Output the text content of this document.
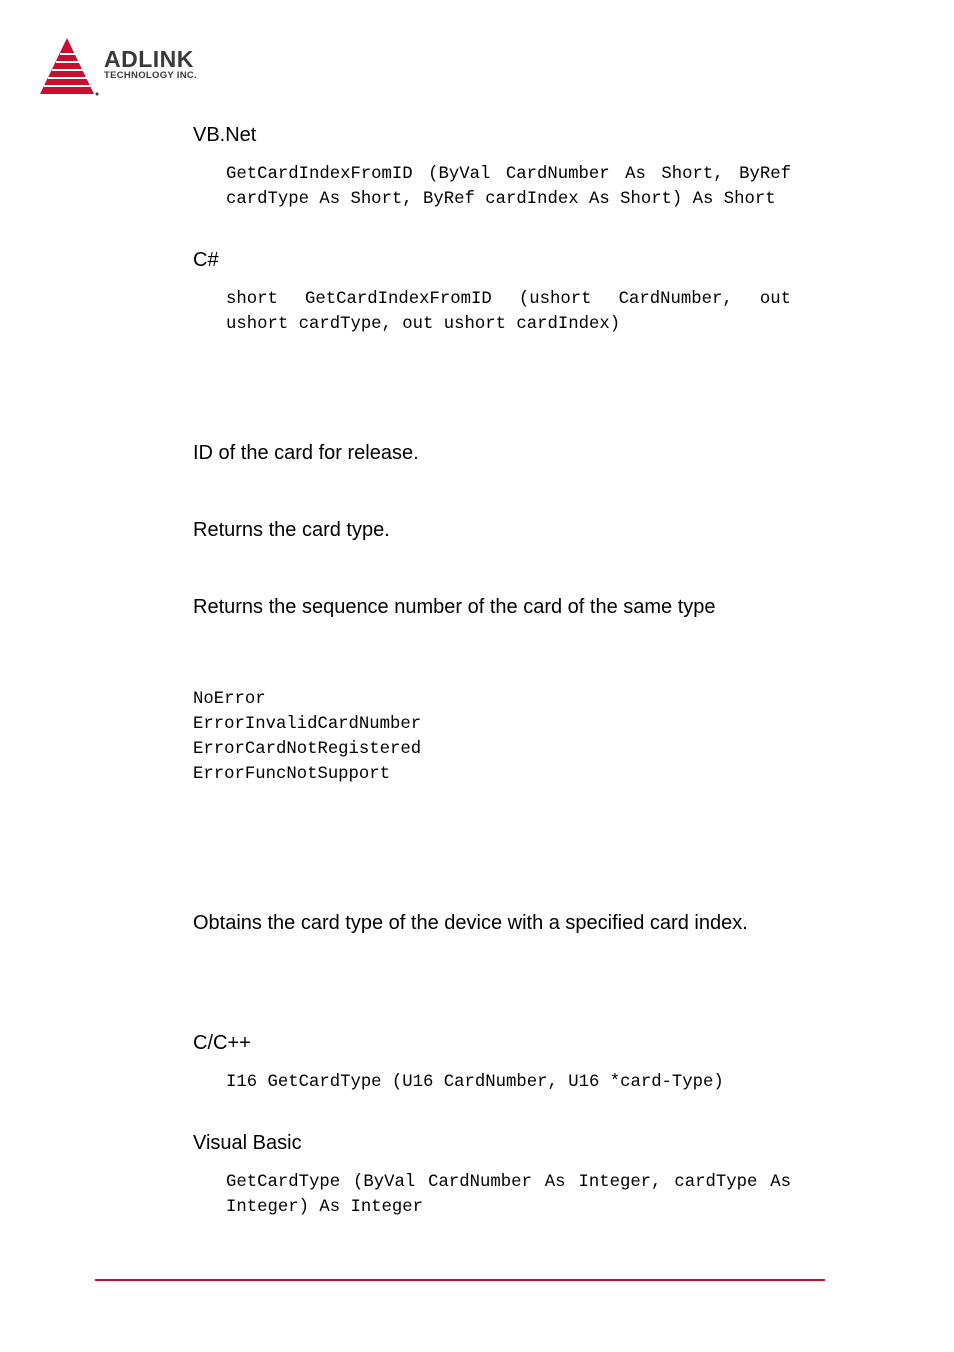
ADLINK
TECHNOLOGY INC.
VB.Net
GetCardIndexFromID (ByVal CardNumber As Short, ByRef cardType As Short, ByRef cardIndex As Short) As Short
C#
short GetCardIndexFromID (ushort CardNumber, out ushort cardType, out ushort cardIndex)
ID of the card for release.
Returns the card type.
Returns the sequence number of the card of the same type
NoError
ErrorInvalidCardNumber
ErrorCardNotRegistered
ErrorFuncNotSupport
Obtains the card type of the device with a specified card index.
C/C++
I16 GetCardType (U16 CardNumber, U16 *card-Type)
Visual Basic
GetCardType (ByVal CardNumber As Integer, cardType As Integer) As Integer
